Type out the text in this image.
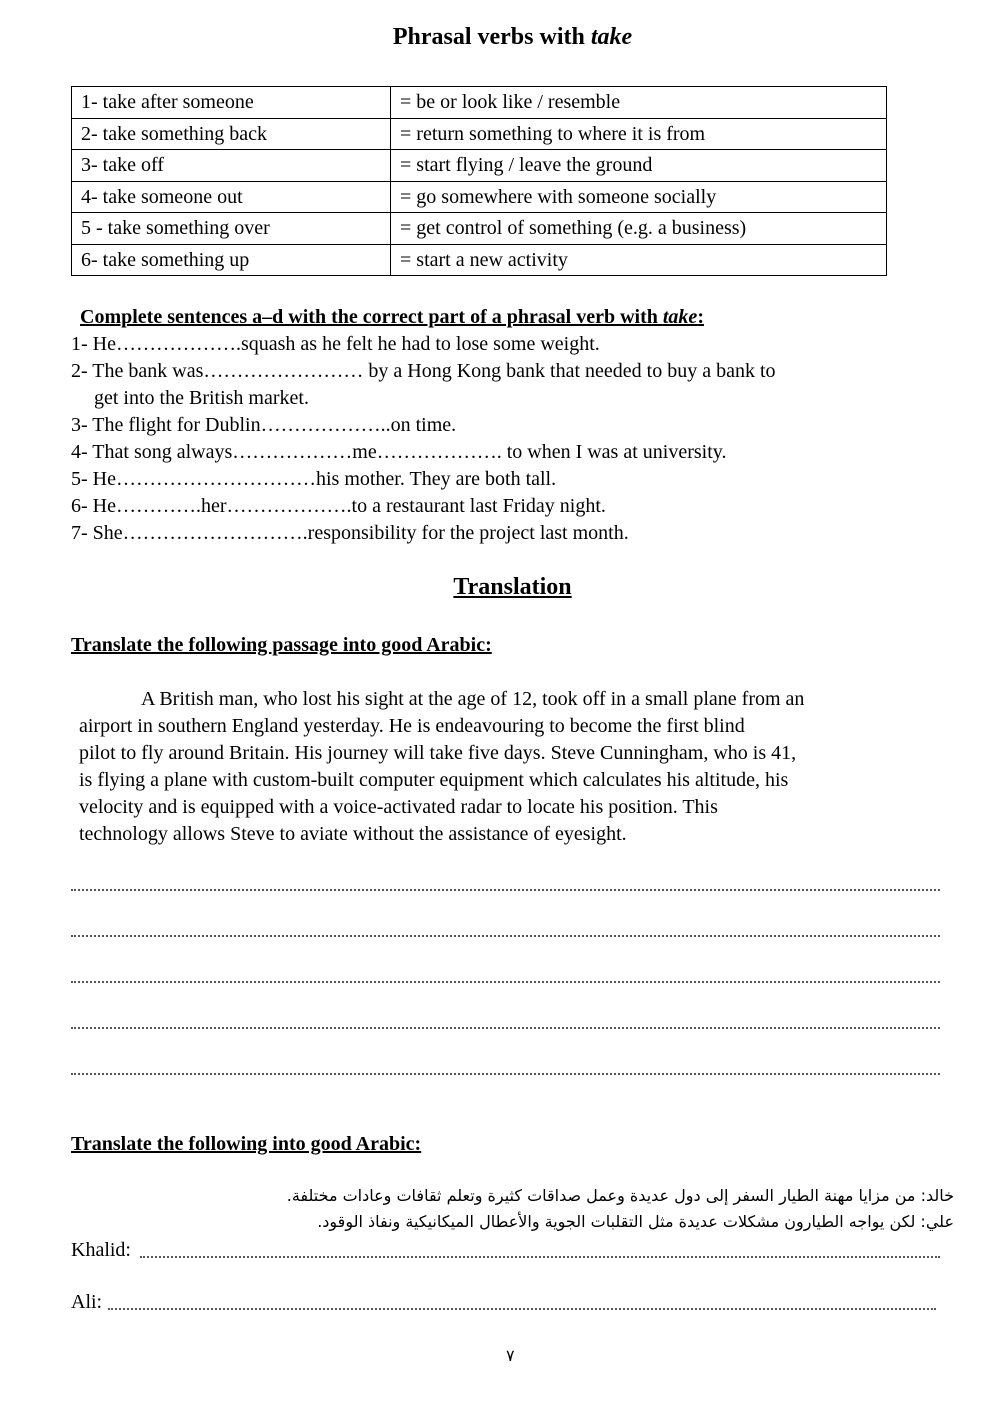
Phrasal verbs with take
1- take after someone	= be or look like / resemble
2- take something back	= return something to where it is from
3- take off	= start flying / leave the ground
4- take someone out	= go somewhere with someone socially
5 - take something over	= get control of something (e.g. a business)
6- take something up	= start a new activity
Complete sentences a–d with the correct part of a phrasal verb with take:
1- He……………….squash as he felt he had to lose some weight.
2- The bank was…………………… by a Hong Kong bank that needed to buy a bank to
get into the British market.
3- The flight for Dublin………………..on time.
4- That song always………………me………………. to when I was at university.
5- He…………………………his mother. They are both tall.
6- He………….her……………….to a restaurant last Friday night.
7- She……………………….responsibility for the project last month.
Translation
Translate the following passage into good Arabic:
A British man, who lost his sight at the age of 12, took off in a small plane from an
airport in southern England yesterday. He is endeavouring to become the first blind
pilot to fly around Britain. His journey will take five days. Steve Cunningham, who is 41,
is flying a plane with custom-built computer equipment which calculates his altitude, his
velocity and is equipped with a voice-activated radar to locate his position. This
technology allows Steve to aviate without the assistance of eyesight.
Translate the following into good Arabic:
خالد: من مزايا مهنة الطيار السفر إلى دول عديدة وعمل صداقات كثيرة وتعلم ثقافات وعادات مختلفة.
علي: لكن يواجه الطيارون مشكلات عديدة مثل التقلبات الجوية والأعطال الميكانيكية ونفاذ الوقود.
Khalid:
Ali:
٧
